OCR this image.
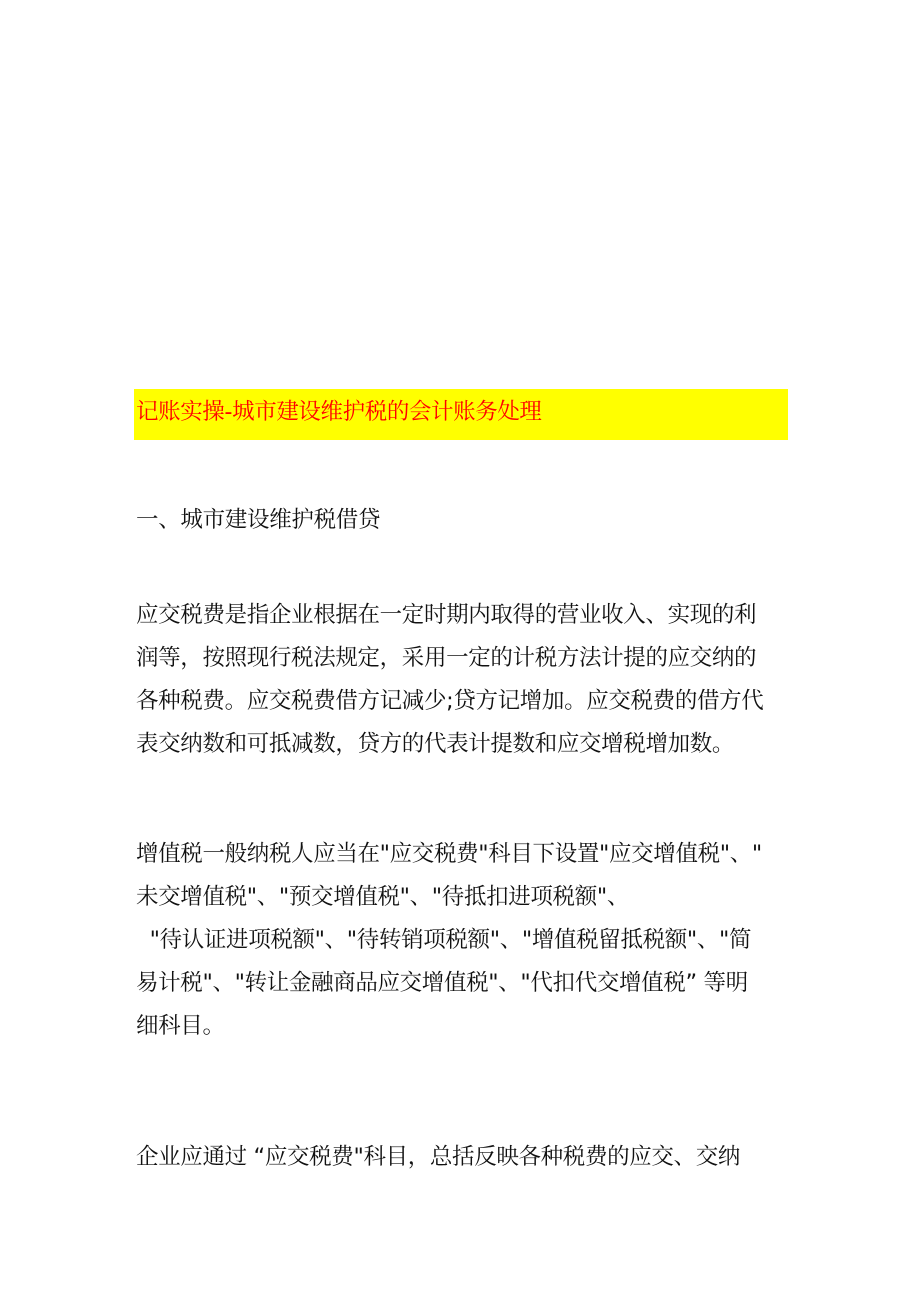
记账实操-城市建设维护税的会计账务处理
一、城市建设维护税借贷
应交税费是指企业根据在一定时期内取得的营业收入、实现的利
润等，按照现行税法规定，采用一定的计税方法计提的应交纳的
各种税费。应交税费借方记减少;贷方记增加。应交税费的借方代
表交纳数和可抵减数，贷方的代表计提数和应交增税增加数。
增值税一般纳税人应当在"应交税费"科目下设置"应交增值税"、"
未交增值税"、"预交增值税"、"待抵扣进项税额"、
"待认证进项税额"、"待转销项税额"、"增值税留抵税额"、"简
易计税"、"转让金融商品应交增值税"、"代扣代交增值税” 等明
细科目。
企业应通过 “应交税费"科目，总括反映各种税费的应交、交纳
